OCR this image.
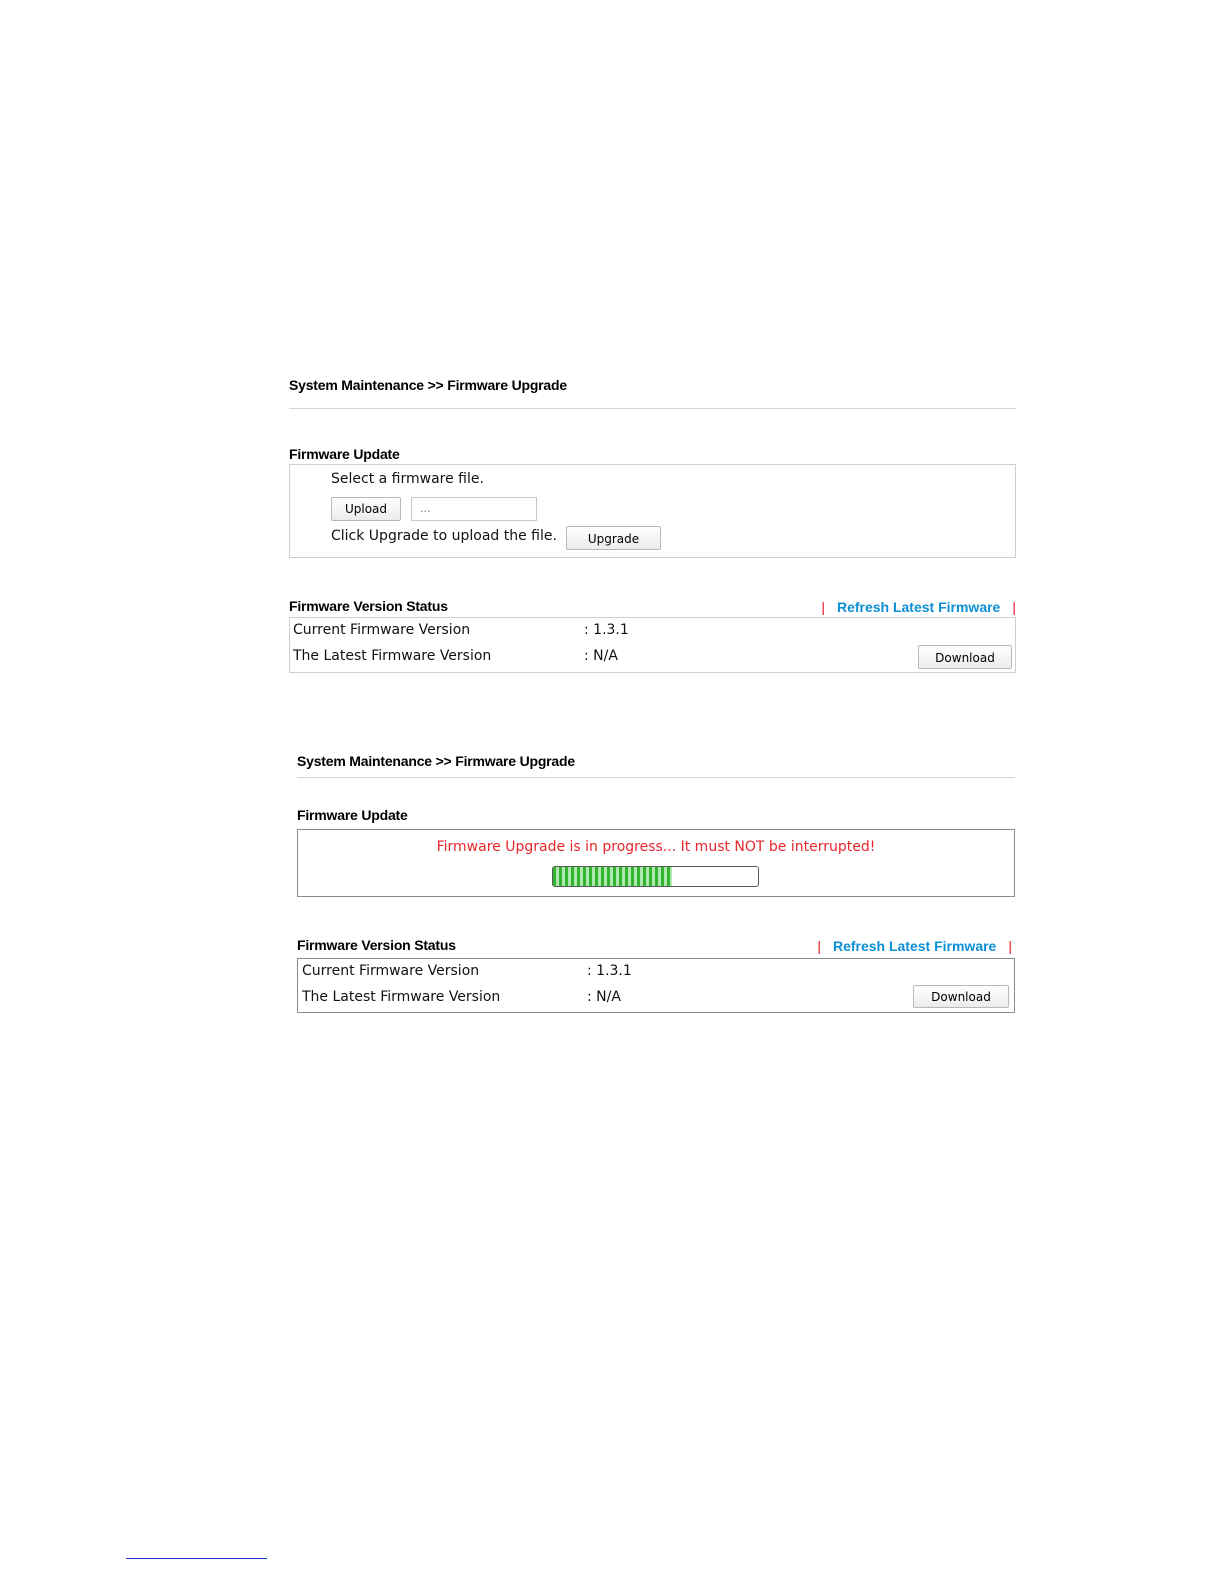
System Maintenance >> Firmware Upgrade
Firmware Update
Select a firmware file.
Upload	...
Click Upgrade to upload the file.	Upgrade
Firmware Version Status	| Refresh Latest Firmware |
Current Firmware Version	: 1.3.1
The Latest Firmware Version	: N/A	Download
System Maintenance >> Firmware Upgrade
Firmware Update
Firmware Upgrade is in progress... It must NOT be interrupted!
Firmware Version Status	| Refresh Latest Firmware |
Current Firmware Version	: 1.3.1
The Latest Firmware Version	: N/A	Download
